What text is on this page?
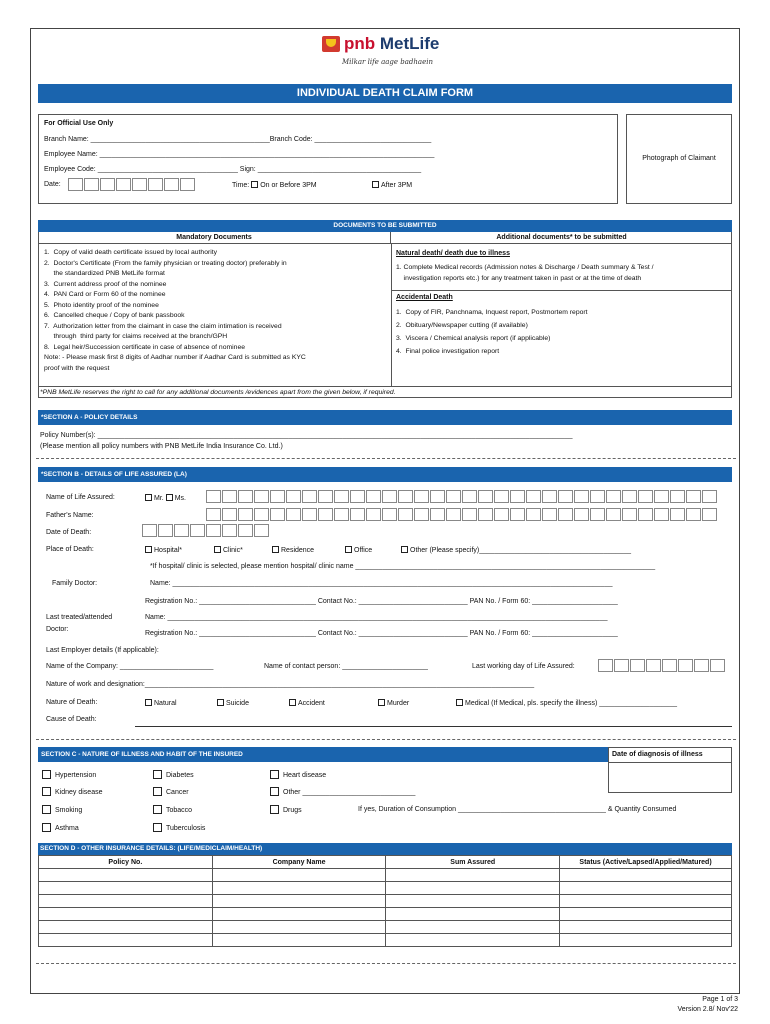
pnb MetLife
Milkar life aage badhaein
INDIVIDUAL DEATH CLAIM FORM
For Official Use Only
Branch Name: ______________________________________________Branch Code: ______________________________
Employee Name: ______________________________________________________________________________________
Employee Code: ____________________________________ Sign: __________________________________________
Date:	Time: On or Before 3PM	After 3PM
Photograph of Claimant
DOCUMENTS TO BE SUBMITTED
Mandatory Documents	Additional documents* to be submitted
1.  Copy of valid death certificate issued by local authority
2.  Doctor's Certificate (From the family physician or treating doctor) preferably in
the standardized PNB MetLife format
3.  Current address proof of the nominee
4.  PAN Card or Form 60 of the nominee
5.  Photo identity proof of the nominee
6.  Cancelled cheque / Copy of bank passbook
7.  Authorization letter from the claimant in case the claim intimation is received
through  third party for claims received at the branch/GPH
8.  Legal heir/Succession certificate in case of absence of nominee
Note: - Please mask first 8 digits of Aadhar number if Aadhar Card is submitted as KYC
proof with the request
Natural death/ death due to illness
1. Complete Medical records (Admission notes & Discharge / Death summary & Test /
investigation reports etc.) for any treatment taken in past or at the time of death
Accidental Death
1.  Copy of FIR, Panchnama, Inquest report, Postmortem report
2.  Obituary/Newspaper cutting (if available)
3.  Viscera / Chemical analysis report (if applicable)
4.  Final police investigation report
*PNB MetLife reserves the right to call for any additional documents /evidences apart from the given below, if required.
*SECTION A - POLICY DETAILS
Policy Number(s): __________________________________________________________________________________________________________________________
(Please mention all policy numbers with PNB MetLife India Insurance Co. Ltd.)
*SECTION B - DETAILS OF LIFE ASSURED (LA)
Name of Life Assured:	Mr. Ms.
Father's Name:
Date of Death:
Place of Death:	Hospital*	Clinic*	Residence	Office	Other (Please specify)_______________________________________
*If hospital/ clinic is selected, please mention hospital/ clinic name _____________________________________________________________________________
Family Doctor:	Name: _________________________________________________________________________________________________________________
Registration No.: ______________________________ Contact No.: ____________________________ PAN No. / Form 60: ______________________
Last treated/attended
Doctor:
Name: _________________________________________________________________________________________________________________
Registration No.: ______________________________ Contact No.: ____________________________ PAN No. / Form 60: ______________________
Last Employer details (If applicable):
Name of the Company: ________________________	Name of contact person: ______________________	Last working day of Life Assured:
Nature of work and designation:____________________________________________________________________________________________________
Nature of Death:	Natural	Suicide	Accident	Murder	Medical (If Medical, pls. specify the illness) ____________________
Cause of Death:
SECTION C - NATURE OF ILLNESS AND HABIT OF THE INSURED	Date of diagnosis of illness
Hypertension	Diabetes	Heart disease
Kidney disease	Cancer	Other _____________________________
Smoking	Tobacco	Drugs	If yes, Duration of Consumption ______________________________________ & Quantity Consumed
Asthma	Tuberculosis
SECTION D - OTHER INSURANCE DETAILS: (LIFE/MEDICLAIM/HEALTH)
Policy No.	Company Name	Sum Assured	Status (Active/Lapsed/Applied/Matured)

Page 1 of 3
Version 2.8/ Nov'22
